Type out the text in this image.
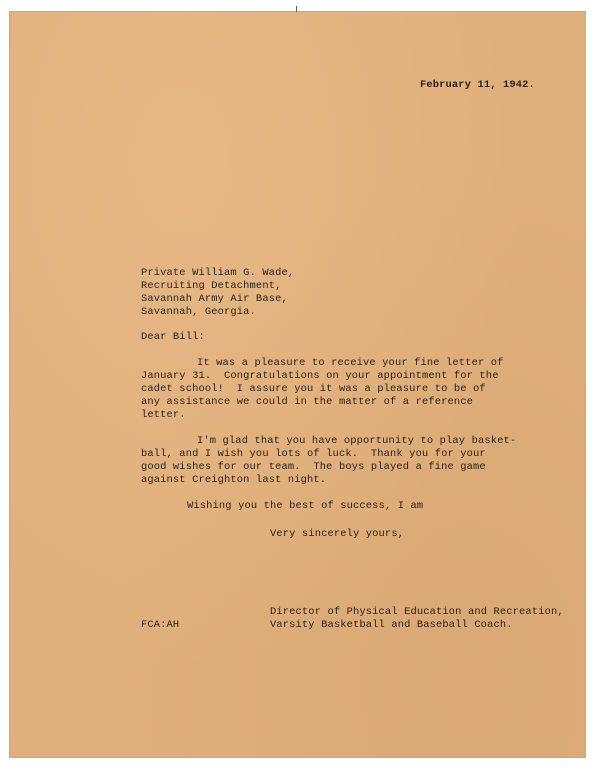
February 11, 1942.
Private William G. Wade,
Recruiting Detachment,
Savannah Army Air Base,
Savannah, Georgia.
Dear Bill:
It was a pleasure to receive your fine letter of
January 31.  Congratulations on your appointment for the
cadet school!  I assure you it was a pleasure to be of
any assistance we could in the matter of a reference
letter.
I'm glad that you have opportunity to play basket-
ball, and I wish you lots of luck.  Thank you for your
good wishes for our team.  The boys played a fine game
against Creighton last night.
Wishing you the best of success, I am
Very sincerely yours,
Director of Physical Education and Recreation,
Varsity Basketball and Baseball Coach.
FCA:AH
